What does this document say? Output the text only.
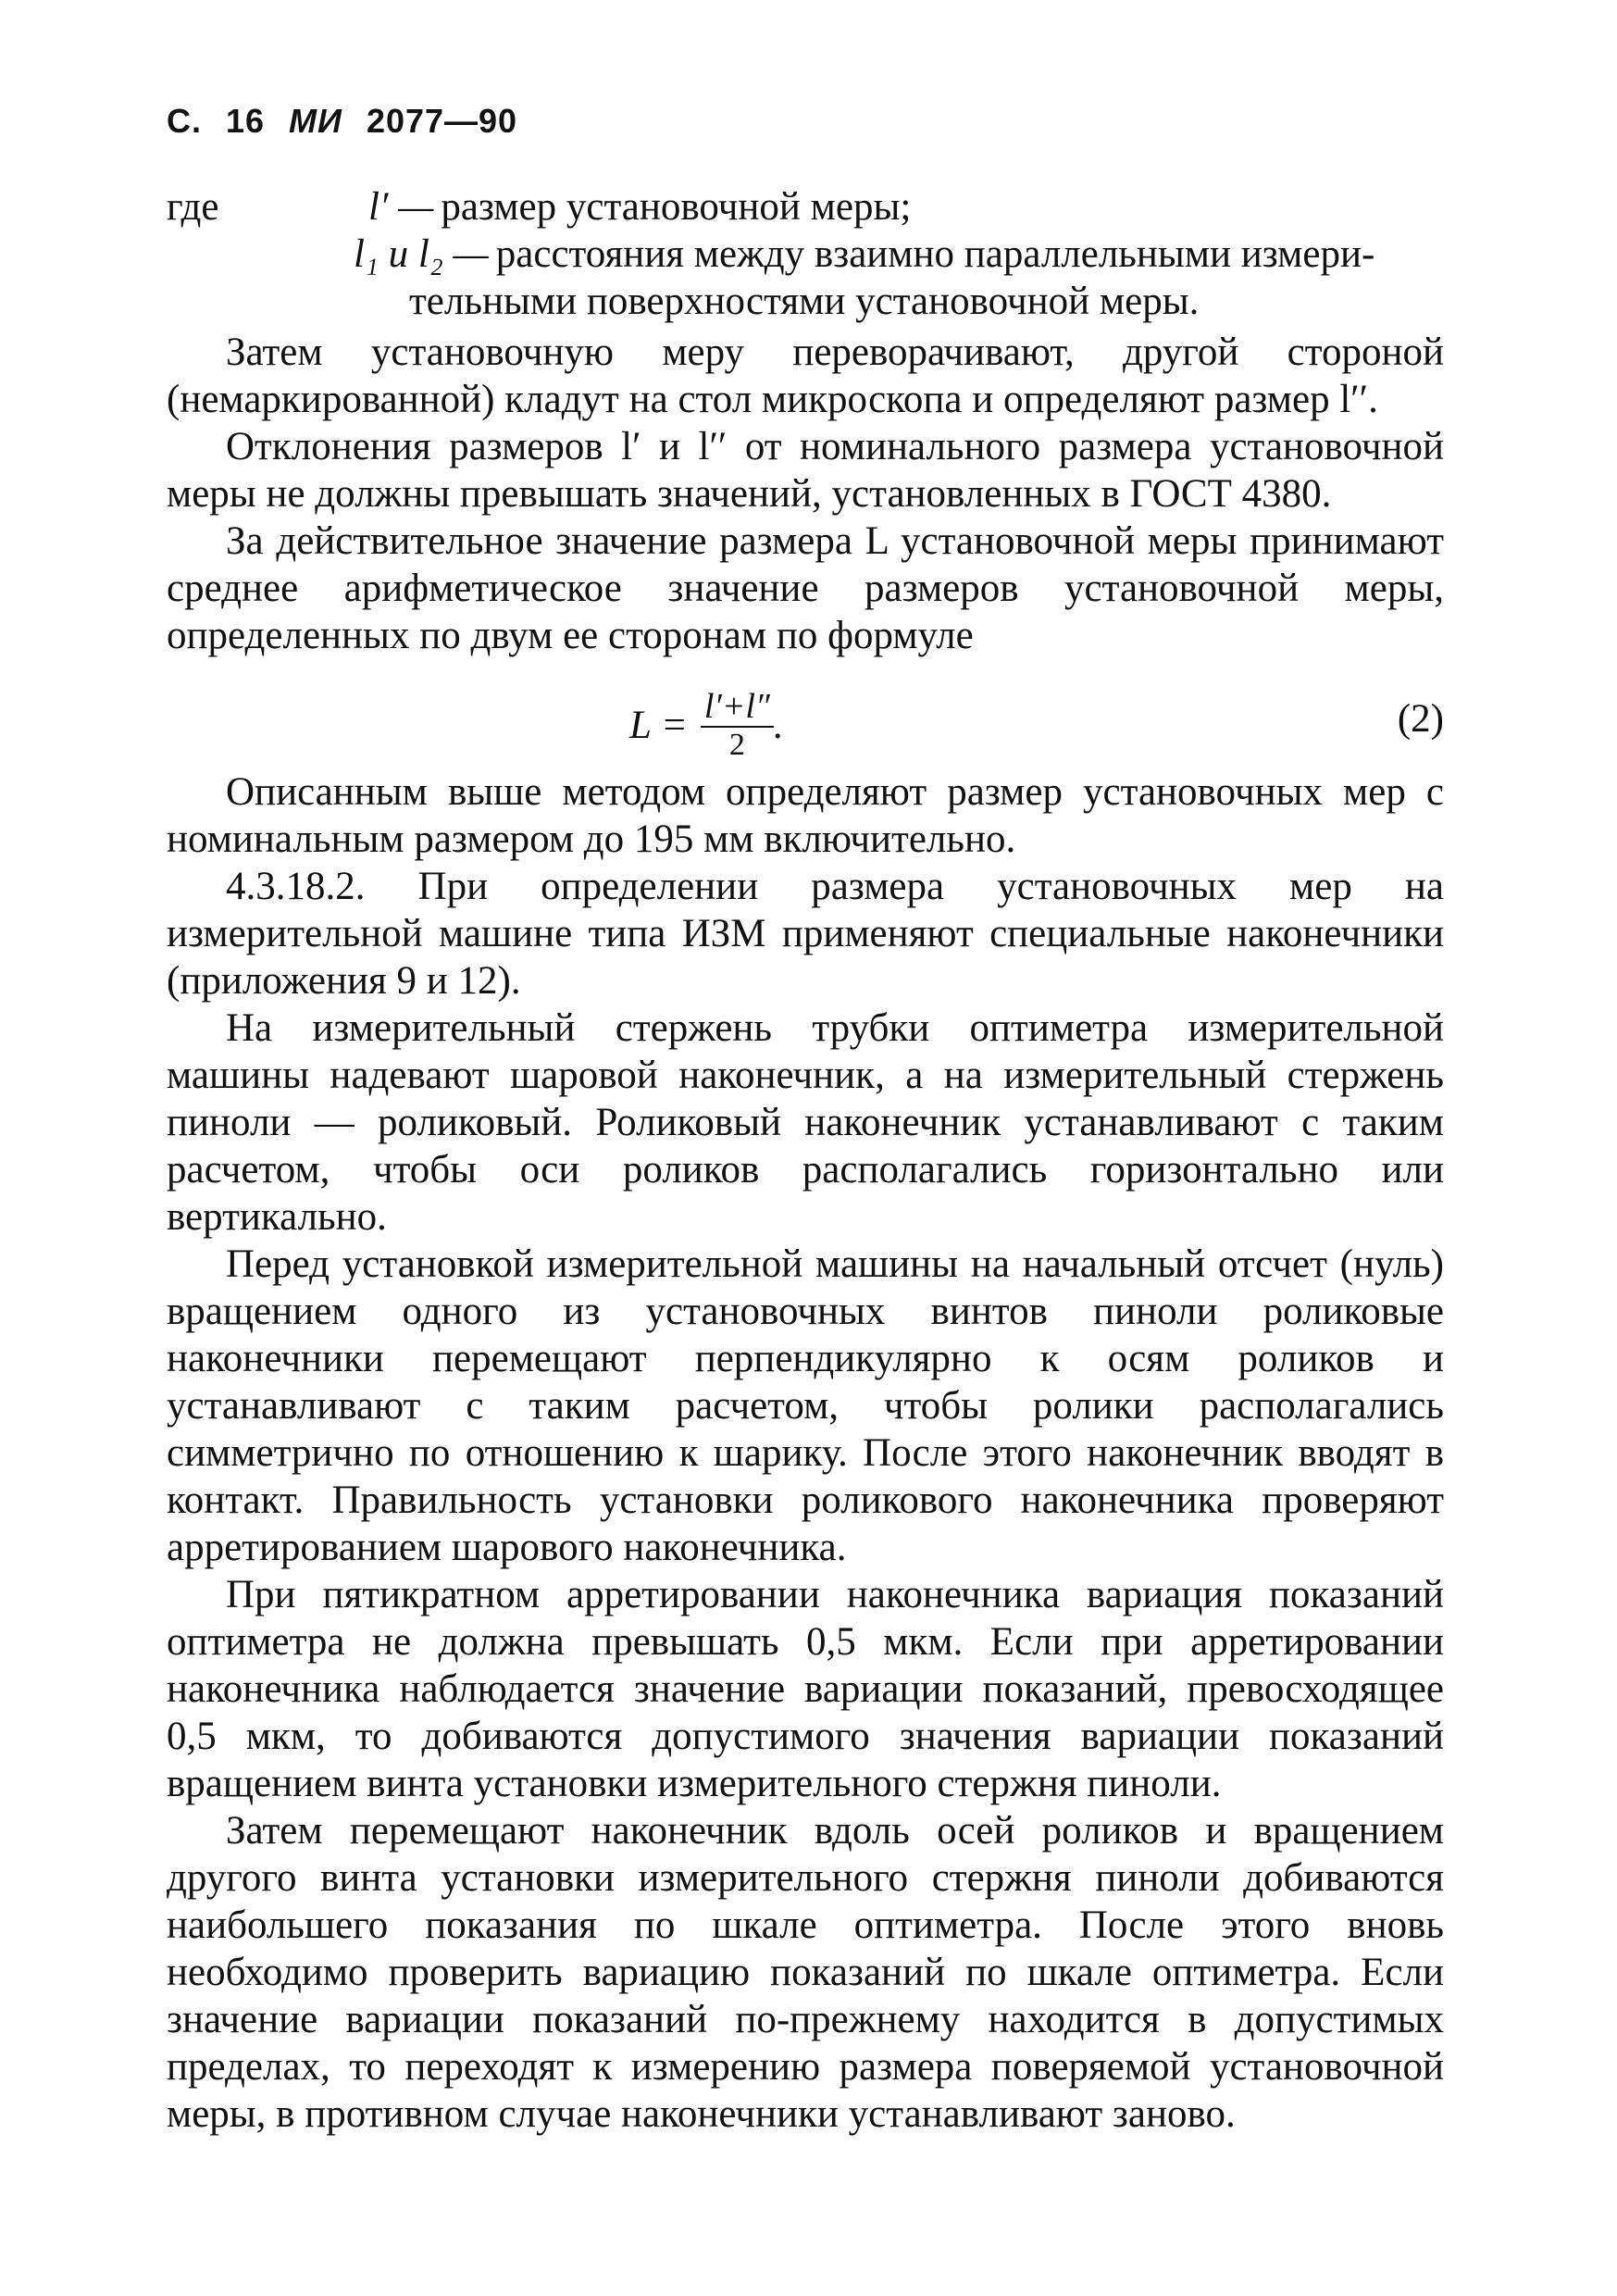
С. 16 МИ 2077—90
где	l′ — размер установочной меры;
l₁ и l₂ — расстояния между взаимно параллельными измери-
тельными поверхностями установочной меры.

Затем установочную меру переворачивают, другой стороной (немаркированной) кладут на стол микроскопа и определяют размер l′′.

Отклонения размеров l′ и l′′ от номинального размера установочной меры не должны превышать значений, установленных в ГОСТ 4380.

За действительное значение размера L установочной меры принимают среднее арифметическое значение размеров установочной меры, определенных по двум ее сторонам по формуле

$L = \frac{l'+l''}{2}$ .	(2)

Описанным выше методом определяют размер установочных мер с номинальным размером до 195 мм включительно.

4.3.18.2. При определении размера установочных мер на измерительной машине типа ИЗМ применяют специальные наконечники (приложения 9 и 12).

На измерительный стержень трубки оптиметра измерительной машины надевают шаровой наконечник, а на измерительный стержень пиноли — роликовый. Роликовый наконечник устанавливают с таким расчетом, чтобы оси роликов располагались горизонтально или вертикально.

Перед установкой измерительной машины на начальный отсчет (нуль) вращением одного из установочных винтов пиноли роликовые наконечники перемещают перпендикулярно к осям роликов и устанавливают с таким расчетом, чтобы ролики располагались симметрично по отношению к шарику. После этого наконечник вводят в контакт. Правильность установки роликового наконечника проверяют арретированием шарового наконечника.

При пятикратном арретировании наконечника вариация показаний оптиметра не должна превышать 0,5 мкм. Если при арретировании наконечника наблюдается значение вариации показаний, превосходящее 0,5 мкм, то добиваются допустимого значения вариации показаний вращением винта установки измерительного стержня пиноли.

Затем перемещают наконечник вдоль осей роликов и вращением другого винта установки измерительного стержня пиноли добиваются наибольшего показания по шкале оптиметра. После этого вновь необходимо проверить вариацию показаний по шкале оптиметра. Если значение вариации показаний по-прежнему находится в допустимых пределах, то переходят к измерению размера поверяемой установочной меры, в противном случае наконечники устанавливают заново.
